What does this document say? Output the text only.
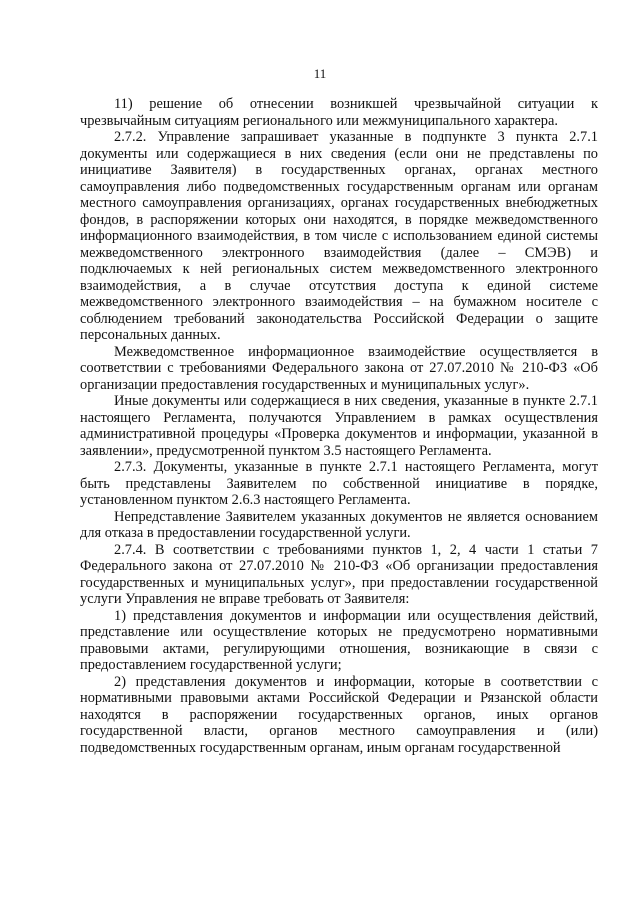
11

11) решение об отнесении возникшей чрезвычайной ситуации к чрезвычайным ситуациям регионального или межмуниципального характера.

2.7.2. Управление запрашивает указанные в подпункте 3 пункта 2.7.1 документы или содержащиеся в них сведения (если они не представлены по инициативе Заявителя) в государственных органах, органах местного самоуправления либо подведомственных государственным органам или органам местного самоуправления организациях, органах государственных внебюджетных фондов, в распоряжении которых они находятся, в порядке межведомственного информационного взаимодействия, в том числе с использованием единой системы межведомственного электронного взаимодействия (далее – СМЭВ) и подключаемых к ней региональных систем межведомственного электронного взаимодействия, а в случае отсутствия доступа к единой системе межведомственного электронного взаимодействия – на бумажном носителе с соблюдением требований законодательства Российской Федерации о защите персональных данных.

Межведомственное информационное взаимодействие осуществляется в соответствии с требованиями Федерального закона от 27.07.2010 № 210-ФЗ «Об организации предоставления государственных и муниципальных услуг».

Иные документы или содержащиеся в них сведения, указанные в пункте 2.7.1 настоящего Регламента, получаются Управлением в рамках осуществления административной процедуры «Проверка документов и информации, указанной в заявлении», предусмотренной пунктом 3.5 настоящего Регламента.

2.7.3. Документы, указанные в пункте 2.7.1 настоящего Регламента, могут быть представлены Заявителем по собственной инициативе в порядке, установленном пунктом 2.6.3 настоящего Регламента.

Непредставление Заявителем указанных документов не является основанием для отказа в предоставлении государственной услуги.

2.7.4. В соответствии с требованиями пунктов 1, 2, 4 части 1 статьи 7 Федерального закона от 27.07.2010 № 210-ФЗ «Об организации предоставления государственных и муниципальных услуг», при предоставлении государственной услуги Управления не вправе требовать от Заявителя:

1) представления документов и информации или осуществления действий, представление или осуществление которых не предусмотрено нормативными правовыми актами, регулирующими отношения, возникающие в связи с предоставлением государственной услуги;

2) представления документов и информации, которые в соответствии с нормативными правовыми актами Российской Федерации и Рязанской области находятся в распоряжении государственных органов, иных органов государственной власти, органов местного самоуправления и (или) подведомственных государственным органам, иным органам государственной
